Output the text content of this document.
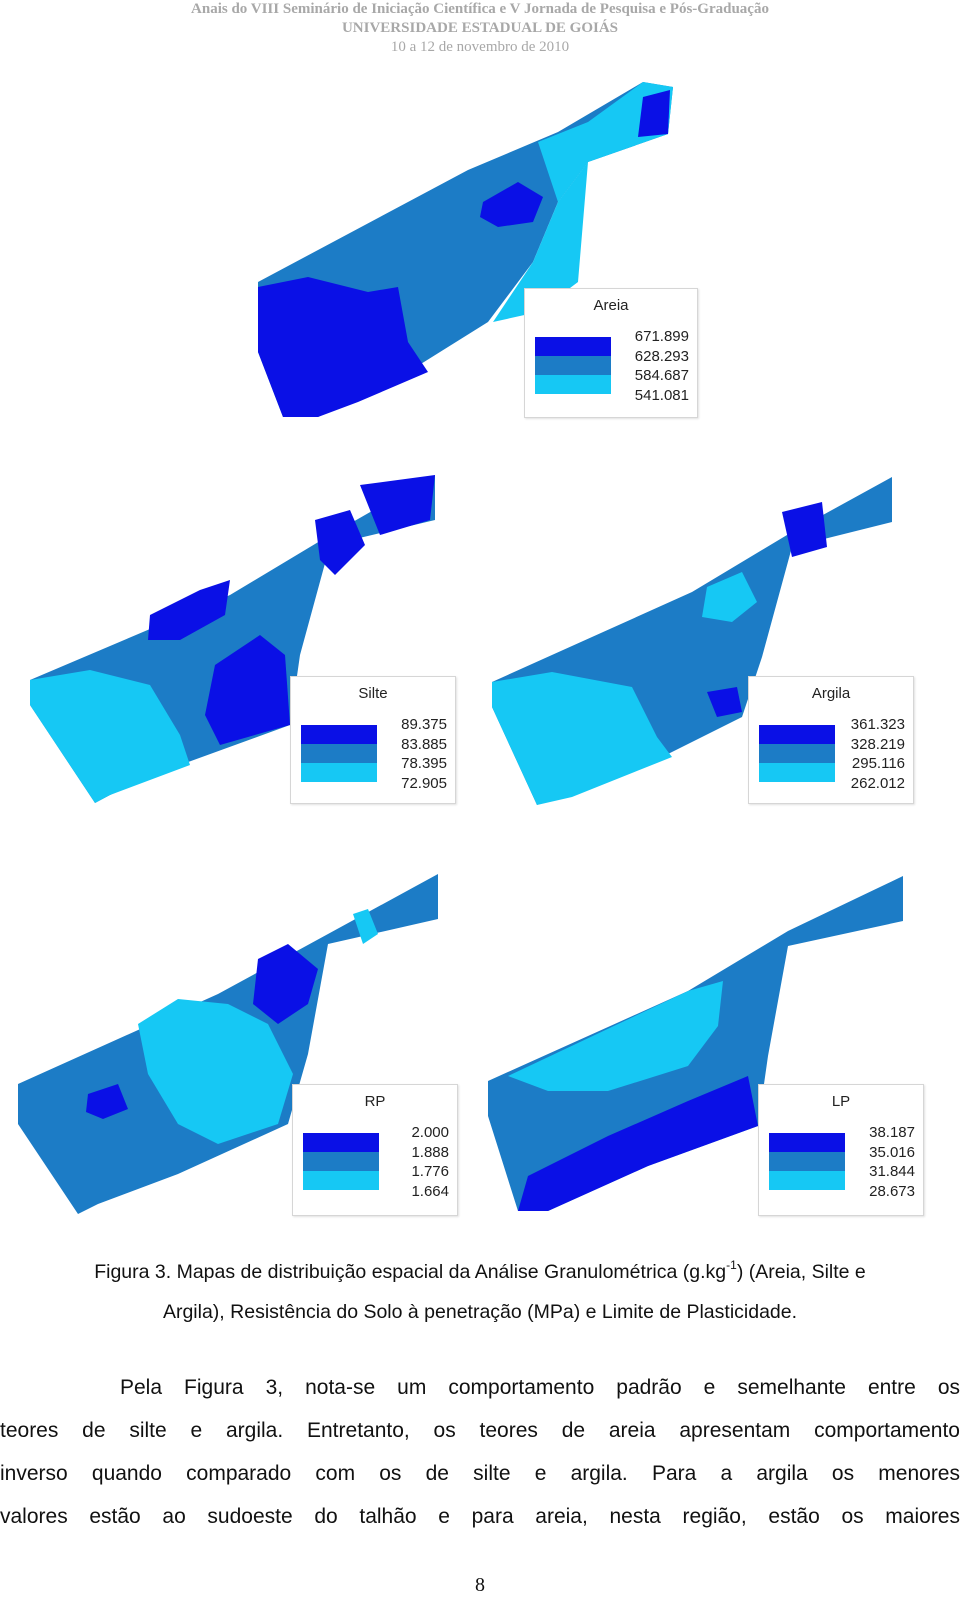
Anais do VIII Seminário de Iniciação Científica e V Jornada de Pesquisa e Pós-Graduação
UNIVERSIDADE ESTADUAL DE GOIÁS
10 a 12 de novembro de 2010
Areia
671.899
628.293
584.687
541.081
Silte
89.375
83.885
78.395
72.905
Argila
361.323
328.219
295.116
262.012
RP
2.000
1.888
1.776
1.664
LP
38.187
35.016
31.844
28.673
Figura 3. Mapas de distribuição espacial da Análise Granulométrica $(g.kg^{-1})$ (Areia, Silte e
Argila), Resistência do Solo à penetração (MPa) e Limite de Plasticidade.
Pela Figura 3, nota-se um comportamento padrão e semelhante entre os
teores de silte e argila. Entretanto, os teores de areia apresentam comportamento
inverso quando comparado com os de silte e argila. Para a argila os menores
valores estão ao sudoeste do talhão e para areia, nesta região, estão os maiores
8
